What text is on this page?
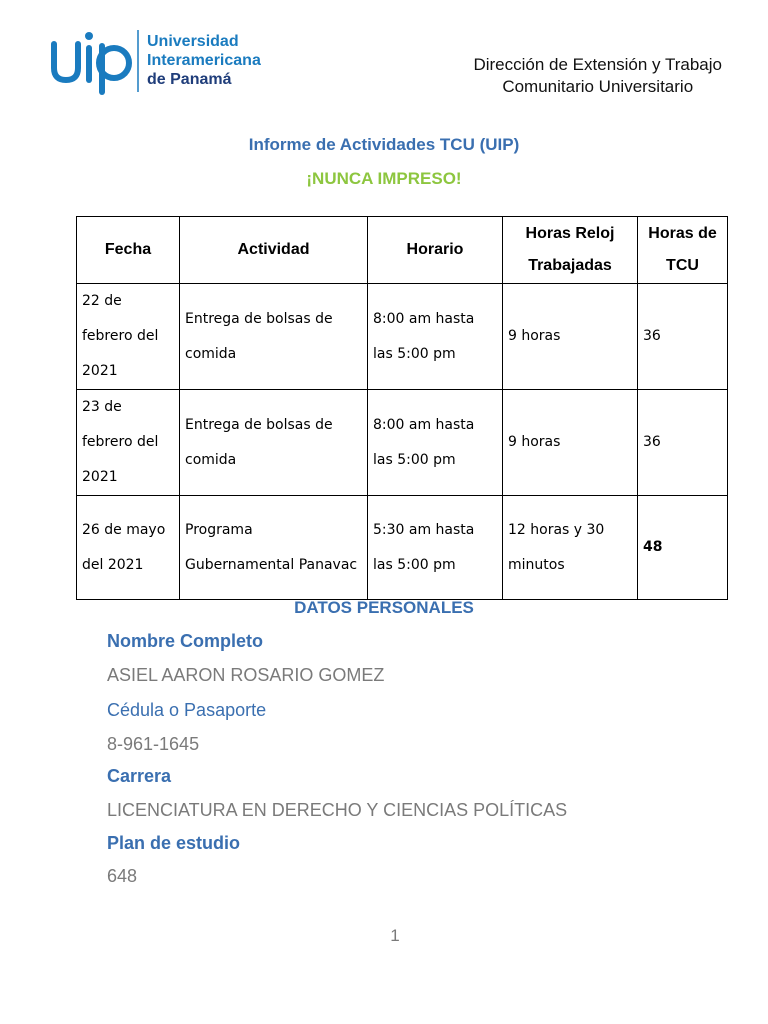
Universidad
Interamericana
de Panamá
Dirección de Extensión y Trabajo
Comunitario Universitario
Informe de Actividades TCU (UIP)
¡NUNCA IMPRESO!
Fecha	Actividad	Horario	Horas Reloj Trabajadas	Horas de TCU
22 de febrero del 2021	Entrega de bolsas de comida	8:00 am hasta las 5:00 pm	9 horas	36
23 de febrero del 2021	Entrega de bolsas de comida	8:00 am hasta las 5:00 pm	9 horas	36
26 de mayo del 2021	Programa Gubernamental Panavac	5:30 am hasta las 5:00 pm	12 horas y 30 minutos	48
DATOS PERSONALES
Nombre Completo
ASIEL AARON ROSARIO GOMEZ
Cédula o Pasaporte
8-961-1645
Carrera
LICENCIATURA EN DERECHO Y CIENCIAS POLÍTICAS
Plan de estudio
648
1
